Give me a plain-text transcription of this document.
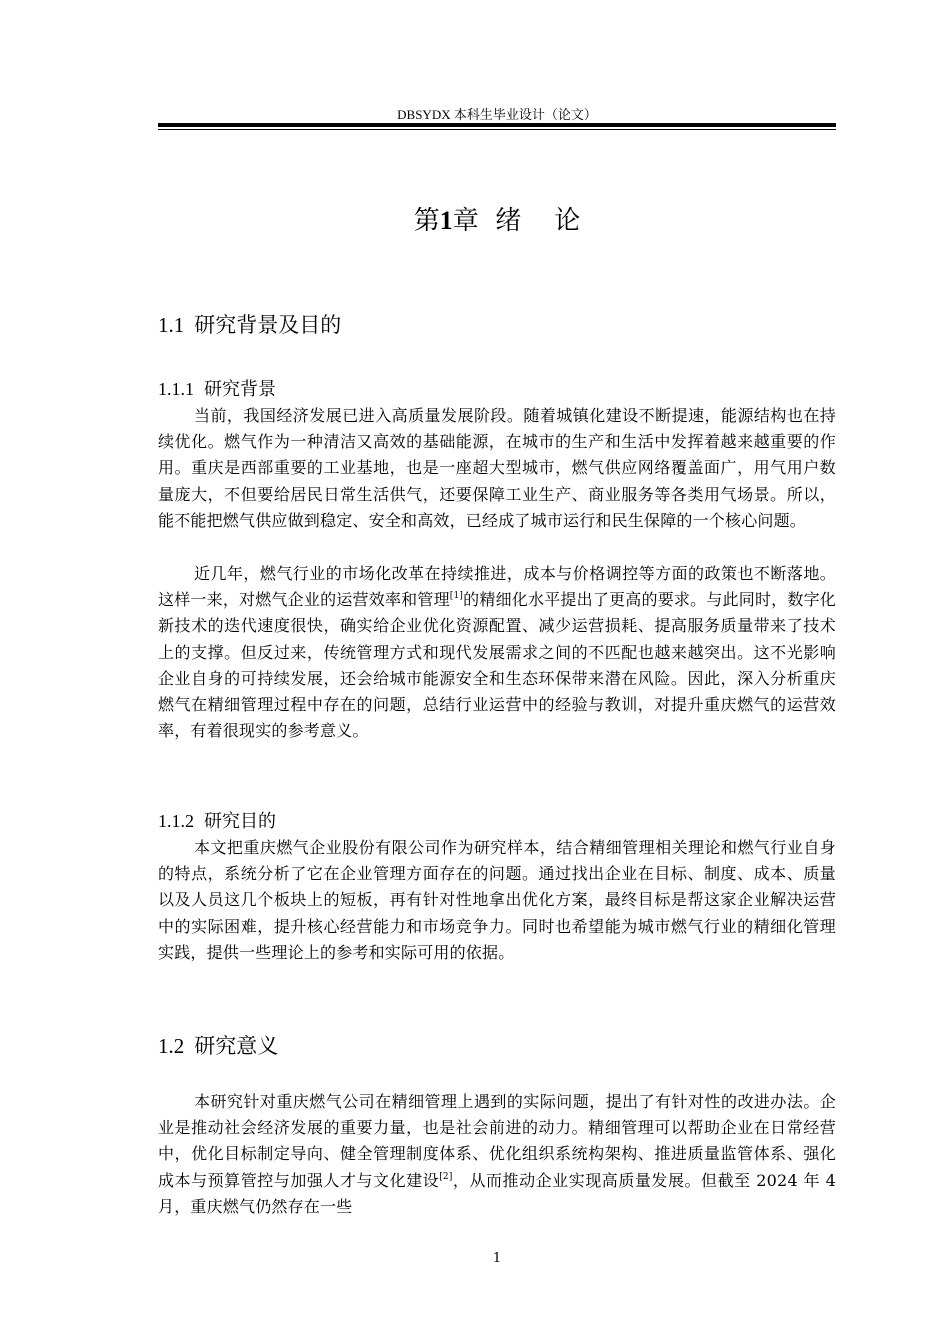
DBSYDX 本科生毕业设计（论文）
第1章  绪    论
1.1 研究背景及目的
1.1.1 研究背景

当前，我国经济发展已进入高质量发展阶段。随着城镇化建设不断提速，能源结构也在持续优化。燃气作为一种清洁又高效的基础能源，在城市的生产和生活中发挥着越来越重要的作用。重庆是西部重要的工业基地，也是一座超大型城市，燃气供应网络覆盖面广，用气用户数量庞大，不但要给居民日常生活供气，还要保障工业生产、商业服务等各类用气场景。所以，能不能把燃气供应做到稳定、安全和高效，已经成了城市运行和民生保障的一个核心问题。

近几年，燃气行业的市场化改革在持续推进，成本与价格调控等方面的政策也不断落地。这样一来，对燃气企业的运营效率和管理[1]的精细化水平提出了更高的要求。与此同时，数字化新技术的迭代速度很快，确实给企业优化资源配置、减少运营损耗、提高服务质量带来了技术上的支撑。但反过来，传统管理方式和现代发展需求之间的不匹配也越来越突出。这不光影响企业自身的可持续发展，还会给城市能源安全和生态环保带来潜在风险。因此，深入分析重庆燃气在精细管理过程中存在的问题，总结行业运营中的经验与教训，对提升重庆燃气的运营效率，有着很现实的参考意义。

1.1.2 研究目的

本文把重庆燃气企业股份有限公司作为研究样本，结合精细管理相关理论和燃气行业自身的特点，系统分析了它在企业管理方面存在的问题。通过找出企业在目标、制度、成本、质量以及人员这几个板块上的短板，再有针对性地拿出优化方案，最终目标是帮这家企业解决运营中的实际困难，提升核心经营能力和市场竞争力。同时也希望能为城市燃气行业的精细化管理实践，提供一些理论上的参考和实际可用的依据。

1.2 研究意义

本研究针对重庆燃气公司在精细管理上遇到的实际问题，提出了有针对性的改进办法。企业是推动社会经济发展的重要力量，也是社会前进的动力。精细管理可以帮助企业在日常经营中，优化目标制定导向、健全管理制度体系、优化组织系统构架构、推进质量监管体系、强化成本与预算管控与加强人才与文化建设[2]，从而推动企业实现高质量发展。但截至 2024 年 4 月，重庆燃气仍然存在一些

1
